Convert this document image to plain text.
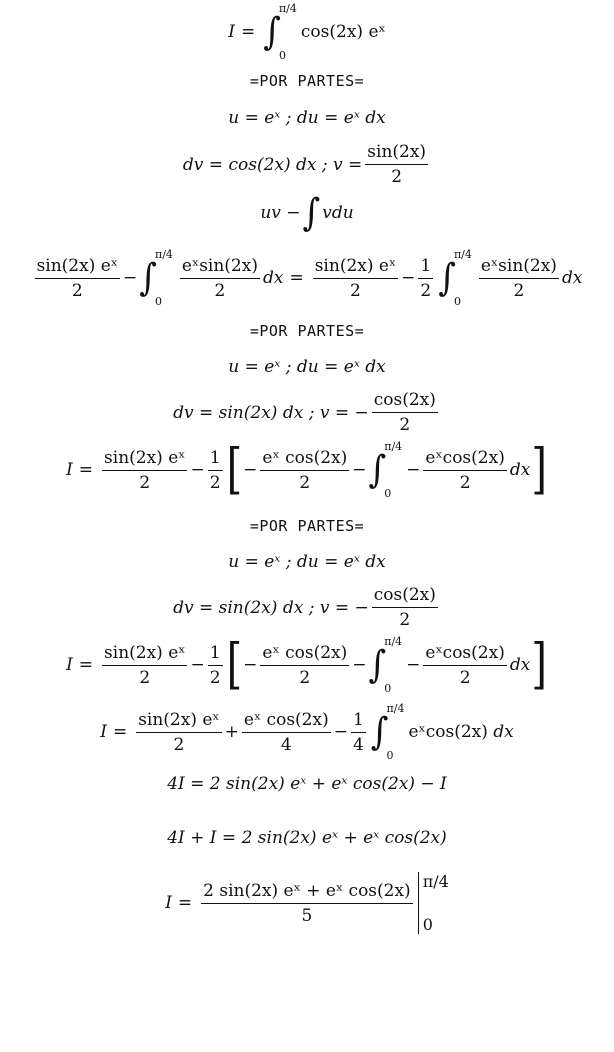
I = ∫
π/4
0
cos(2x) eˣ
=POR PARTES=
u = eˣ ; du = eˣ dx
dv = cos(2x) dx ; $v = \frac{\sin(2x)}{2}$
uv − ∫ vdu
$\frac{\text{sin(2x) eˣ}}{2}$ − ∫
π/4
0
$\frac{\text{eˣsin(2x)}}{2}$ dx = $\frac{\text{sin(2x) eˣ}}{2} - \frac{1}{2}$ ∫
π/4
0
$\frac{\text{eˣsin(2x)}}{2}$ dx
=POR PARTES=
u = eˣ ; du = eˣ dx
dv = sin(2x) dx ; v = − $\frac{\cos(2x)}{2}$
$I = \frac{\text{sin(2x) eˣ}}{2} - \frac{1}{2}$ [ − $\frac{\text{eˣ cos(2x)}}{2}$ − ∫
π/4
0
− $\frac{\text{eˣcos(2x)}}{2}$ dx ]
=POR PARTES=
u = eˣ ; du = eˣ dx
dv = sin(2x) dx ; v = − $\frac{\cos(2x)}{2}$
$I = \frac{\text{sin(2x) eˣ}}{2} - \frac{1}{2}$ [ − $\frac{\text{eˣ cos(2x)}}{2}$ − ∫
π/4
0
− $\frac{\text{eˣcos(2x)}}{2}$ dx ]
$I = \frac{\text{sin(2x) eˣ}}{2} + \frac{\text{eˣ cos(2x)}}{4} - \frac{1}{4}$ ∫
π/4
0
eˣcos(2x)
dx
4I = 2 sin(2x) eˣ + eˣ cos(2x) − I
4I + I = 2 sin(2x) eˣ + eˣ cos(2x)
$I = \frac{\text{2 sin(2x) eˣ + eˣ cos(2x)}}{5} \pi/4$
0
